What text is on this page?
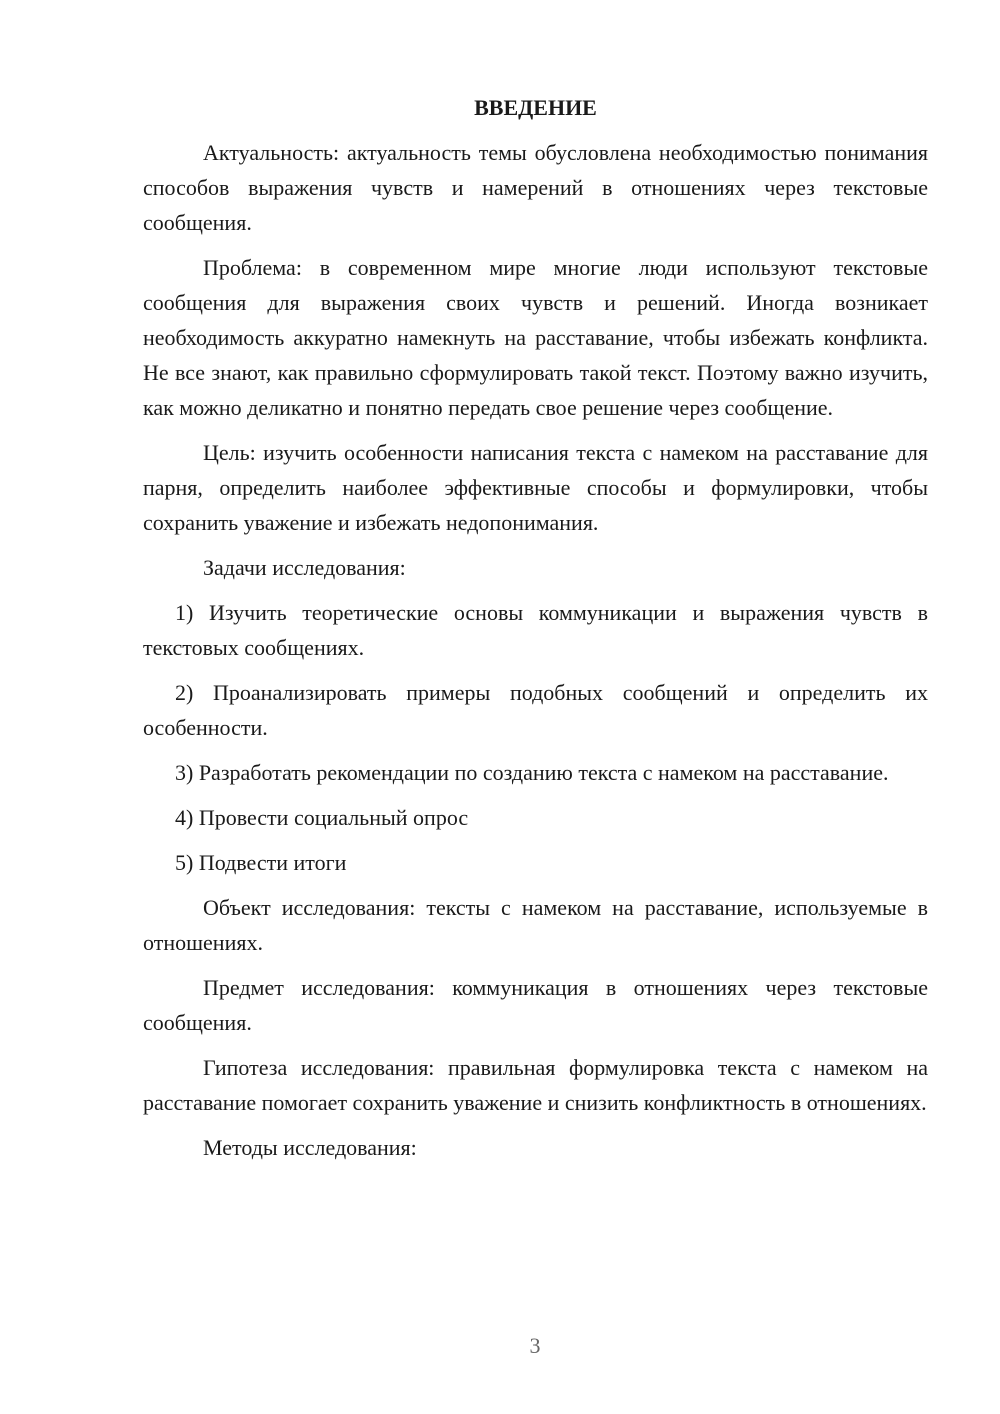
ВВЕДЕНИЕ

Актуальность: актуальность темы обусловлена необходимостью понимания способов выражения чувств и намерений в отношениях через текстовые сообщения.

Проблема: в современном мире многие люди используют текстовые сообщения для выражения своих чувств и решений. Иногда возникает необходимость аккуратно намекнуть на расставание, чтобы избежать конфликта. Не все знают, как правильно сформулировать такой текст. Поэтому важно изучить, как можно деликатно и понятно передать свое решение через сообщение.

Цель: изучить особенности написания текста с намеком на расставание для парня, определить наиболее эффективные способы и формулировки, чтобы сохранить уважение и избежать недопонимания.

Задачи исследования:

1) Изучить теоретические основы коммуникации и выражения чувств в текстовых сообщениях.

2) Проанализировать примеры подобных сообщений и определить их особенности.

3) Разработать рекомендации по созданию текста с намеком на расставание.

4) Провести социальный опрос

5) Подвести итоги

Объект исследования: тексты с намеком на расставание, используемые в отношениях.

Предмет исследования: коммуникация в отношениях через текстовые сообщения.

Гипотеза исследования: правильная формулировка текста с намеком на расставание помогает сохранить уважение и снизить конфликтность в отношениях.

Методы исследования:

3
